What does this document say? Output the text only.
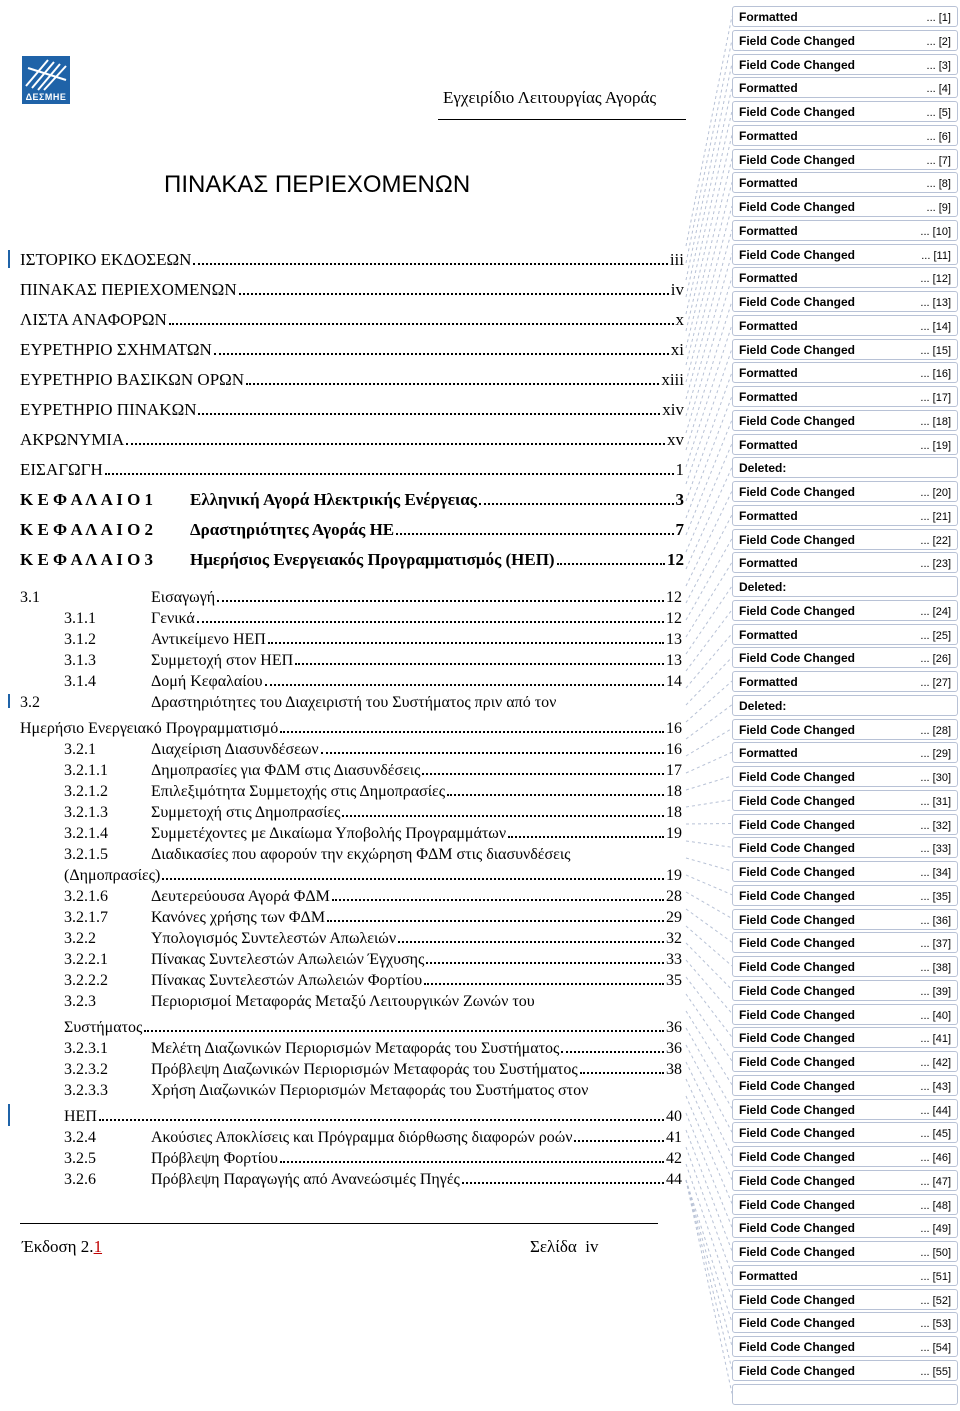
ΔΕΣΜΗΕ	Εγχειρίδιο Λειτουργίας Αγοράς
ΠΙΝΑΚΑΣ ΠΕΡΙΕΧΟΜΕΝΩΝ
ΙΣΤΟΡΙΚΟ ΕΚΔΟΣΕΩΝ	iii
ΠΙΝΑΚΑΣ ΠΕΡΙΕΧΟΜΕΝΩΝ	iv
ΛΙΣΤΑ ΑΝΑΦΟΡΩΝ	x
ΕΥΡΕΤΗΡΙΟ ΣΧΗΜΑΤΩΝ	xi
ΕΥΡΕΤΗΡΙΟ ΒΑΣΙΚΩΝ ΟΡΩΝ	xiii
ΕΥΡΕΤΗΡΙΟ ΠΙΝΑΚΩΝ	xiv
ΑΚΡΩΝΥΜΙΑ	xv
ΕΙΣΑΓΩΓΗ	1
Κ Ε Φ Α Λ Α Ι Ο 1	Ελληνική Αγορά Ηλεκτρικής Ενέργειας	3
Κ Ε Φ Α Λ Α Ι Ο 2	Δραστηριότητες Αγοράς ΗΕ	7
Κ Ε Φ Α Λ Α Ι Ο 3	Ημερήσιος Ενεργειακός Προγραμματισμός (ΗΕΠ)	12
3.1	Εισαγωγή	12
3.1.1	Γενικά	12
3.1.2	Αντικείμενο ΗΕΠ	13
3.1.3	Συμμετοχή στον ΗΕΠ	13
3.1.4	Δομή Κεφαλαίου	14
3.2	Δραστηριότητες του Διαχειριστή του Συστήματος πριν από τον
Ημερήσιο Ενεργειακό Προγραμματισμό	16
3.2.1	Διαχείριση Διασυνδέσεων	16
3.2.1.1	Δημοπρασίες για ΦΔΜ στις Διασυνδέσεις	17
3.2.1.2	Επιλεξιμότητα Συμμετοχής στις Δημοπρασίες	18
3.2.1.3	Συμμετοχή στις Δημοπρασίες	18
3.2.1.4	Συμμετέχοντες με Δικαίωμα Υποβολής Προγραμμάτων	19
3.2.1.5	Διαδικασίες που αφορούν την εκχώρηση ΦΔΜ στις διασυνδέσεις
(Δημοπρασίες)	19
3.2.1.6	Δευτερεύουσα Αγορά ΦΔΜ	28
3.2.1.7	Κανόνες χρήσης των ΦΔΜ	29
3.2.2	Υπολογισμός Συντελεστών Απωλειών	32
3.2.2.1	Πίνακας Συντελεστών Απωλειών Έγχυσης	33
3.2.2.2	Πίνακας Συντελεστών Απωλειών Φορτίου	35
3.2.3	Περιορισμοί Μεταφοράς Μεταξύ Λειτουργικών Ζωνών του
Συστήματος	36
3.2.3.1	Μελέτη Διαζωνικών Περιορισμών Μεταφοράς του Συστήματος	36
3.2.3.2	Πρόβλεψη Διαζωνικών Περιορισμών Μεταφοράς του Συστήματος	38
3.2.3.3	Χρήση Διαζωνικών Περιορισμών Μεταφοράς του Συστήματος στον
ΗΕΠ	40
3.2.4	Ακούσιες Αποκλίσεις και Πρόγραμμα διόρθωσης διαφορών ροών	41
3.2.5	Πρόβλεψη Φορτίου	42
3.2.6	Πρόβλεψη Παραγωγής από Ανανεώσιμές Πηγές	44
Έκδοση 2.1	Σελίδα iv
Formatted	... [1]
Field Code Changed	... [2]
Field Code Changed	... [3]
Formatted	... [4]
Field Code Changed	... [5]
Formatted	... [6]
Field Code Changed	... [7]
Formatted	... [8]
Field Code Changed	... [9]
Formatted	... [10]
Field Code Changed	... [11]
Formatted	... [12]
Field Code Changed	... [13]
Formatted	... [14]
Field Code Changed	... [15]
Formatted	... [16]
Formatted	... [17]
Field Code Changed	... [18]
Formatted	... [19]
Deleted:
Field Code Changed	... [20]
Formatted	... [21]
Field Code Changed	... [22]
Formatted	... [23]
Deleted:
Field Code Changed	... [24]
Formatted	... [25]
Field Code Changed	... [26]
Formatted	... [27]
Deleted:
Field Code Changed	... [28]
Formatted	... [29]
Field Code Changed	... [30]
Field Code Changed	... [31]
Field Code Changed	... [32]
Field Code Changed	... [33]
Field Code Changed	... [34]
Field Code Changed	... [35]
Field Code Changed	... [36]
Field Code Changed	... [37]
Field Code Changed	... [38]
Field Code Changed	... [39]
Field Code Changed	... [40]
Field Code Changed	... [41]
Field Code Changed	... [42]
Field Code Changed	... [43]
Field Code Changed	... [44]
Field Code Changed	... [45]
Field Code Changed	... [46]
Field Code Changed	... [47]
Field Code Changed	... [48]
Field Code Changed	... [49]
Field Code Changed	... [50]
Formatted	... [51]
Field Code Changed	... [52]
Field Code Changed	... [53]
Field Code Changed	... [54]
Field Code Changed	... [55]
